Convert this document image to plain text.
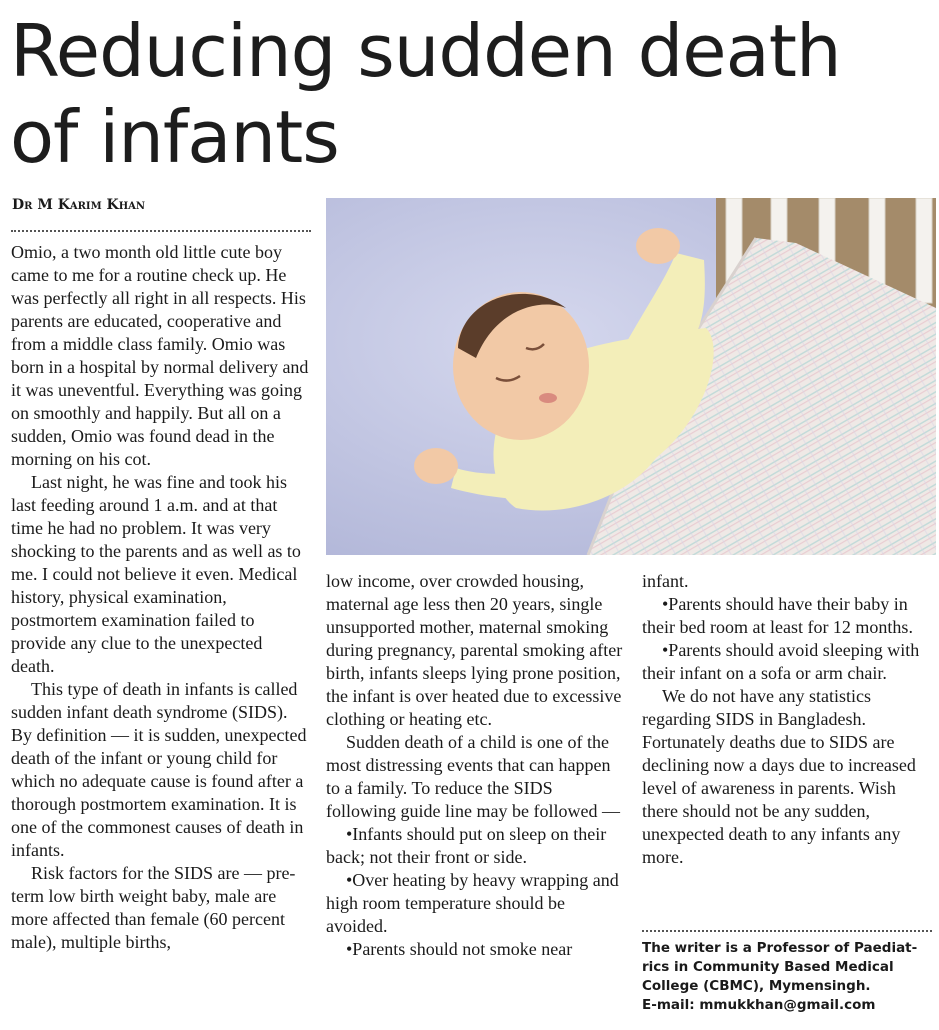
Reducing sudden death
of infants
Dr M Karim Khan

Omio, a two month old little cute boy came to me for a routine check up. He was perfectly all right in all respects. His parents are educated, cooperative and from a middle class family. Omio was born in a hospital by normal delivery and it was uneventful. Everything was going on smoothly and happily. But all on a sudden, Omio was found dead in the morning on his cot.

Last night, he was fine and took his last feeding around 1 a.m. and at that time he had no problem. It was very shocking to the parents and as well as to me. I could not believe it even. Medical history, physical examination, postmortem examination failed to provide any clue to the unexpected death.

This type of death in infants is called sudden infant death syndrome (SIDS). By definition — it is sudden, unexpected death of the infant or young child for which no adequate cause is found after a thorough postmortem examination. It is one of the commonest causes of death in infants.

Risk factors for the SIDS are — pre-term low birth weight baby, male are more affected than female (60 percent male), multiple births,

low income, over crowded housing, maternal age less then 20 years, single unsupported mother, maternal smoking during pregnancy, parental smoking after birth, infants sleeps lying prone position, the infant is over heated due to excessive clothing or heating etc.

Sudden death of a child is one of the most distressing events that can happen to a family. To reduce the SIDS following guide line may be followed —

•Infants should put on sleep on their back; not their front or side.

•Over heating by heavy wrapping and high room temperature should be avoided.

•Parents should not smoke near

infant.

•Parents should have their baby in their bed room at least for 12 months.

•Parents should avoid sleeping with their infant on a sofa or arm chair.

We do not have any statistics regarding SIDS in Bangladesh. Fortunately deaths due to SIDS are declining now a days due to increased level of awareness in parents. Wish there should not be any sudden, unexpected death to any infants any more.

The writer is a Professor of Paediat-
rics in Community Based Medical
College (CBMC), Mymensingh.
E-mail: mmukkhan@gmail.com
